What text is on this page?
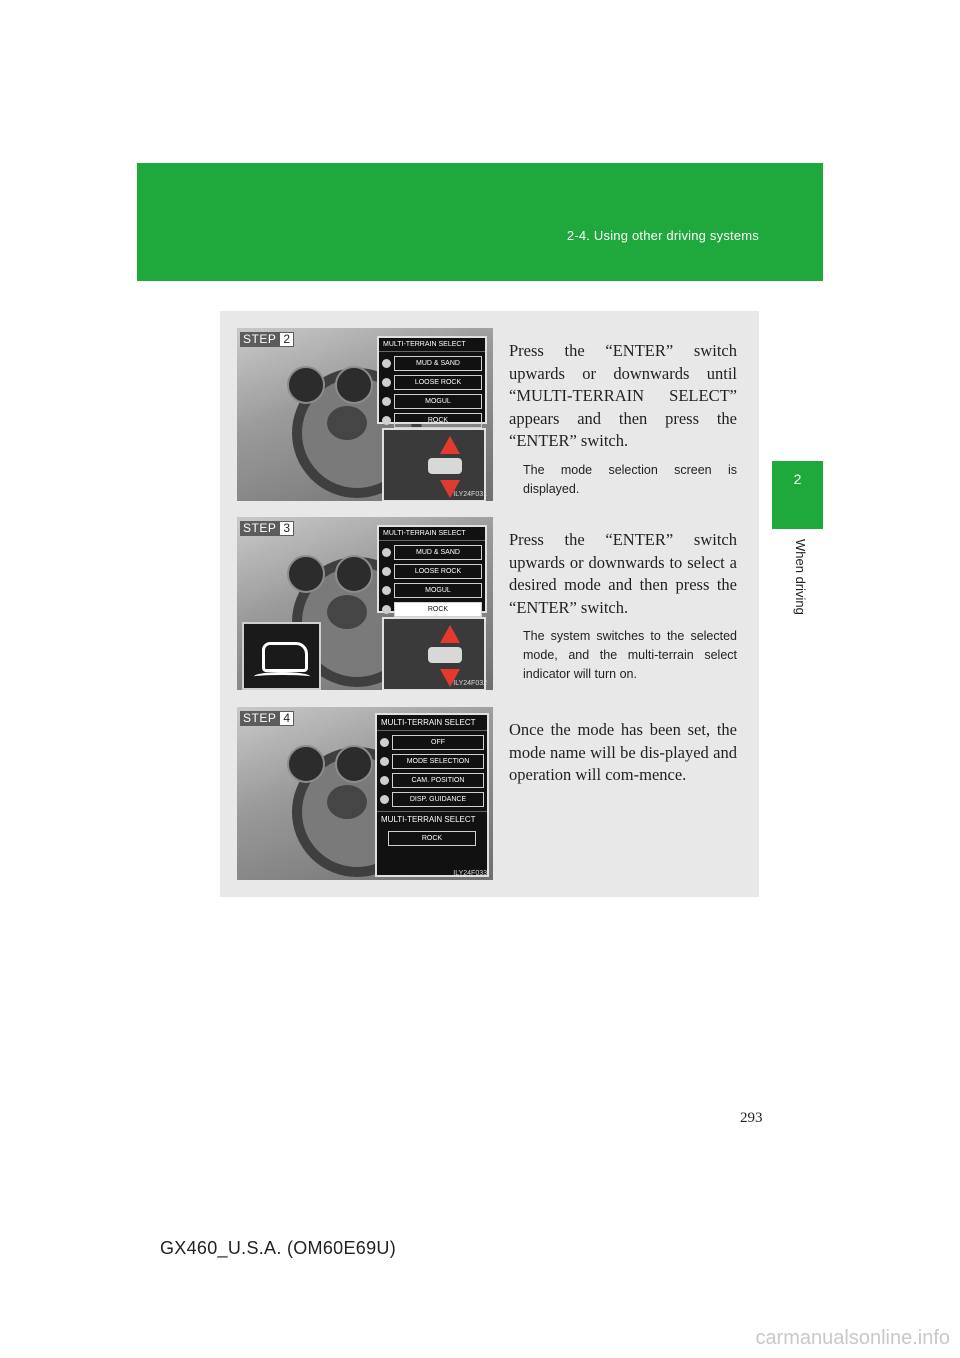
2-4. Using other driving systems
2
When driving
MULTI-TERRAIN SELECT
MUD & SAND
LOOSE ROCK
MOGUL
ROCK
ILY24F031
STEP 2

Press the “ENTER” switch upwards or downwards until “MULTI-TERRAIN SELECT” appears and then press the “ENTER” switch.

The mode selection screen is displayed.

MULTI-TERRAIN SELECT
MUD & SAND
LOOSE ROCK
MOGUL
ROCK
ILY24F032
STEP 3

Press the “ENTER” switch upwards or downwards to select a desired mode and then press the “ENTER” switch.

The system switches to the selected mode, and the multi-terrain select indicator will turn on.

MULTI-TERRAIN SELECT
OFF
MODE SELECTION
CAM. POSITION
DISP. GUIDANCE
MULTI-TERRAIN SELECT
ROCK
ILY24F033
STEP 4

Once the mode has been set, the mode name will be dis-played and operation will com-mence.

293
GX460_U.S.A. (OM60E69U)
carmanualsonline.info
